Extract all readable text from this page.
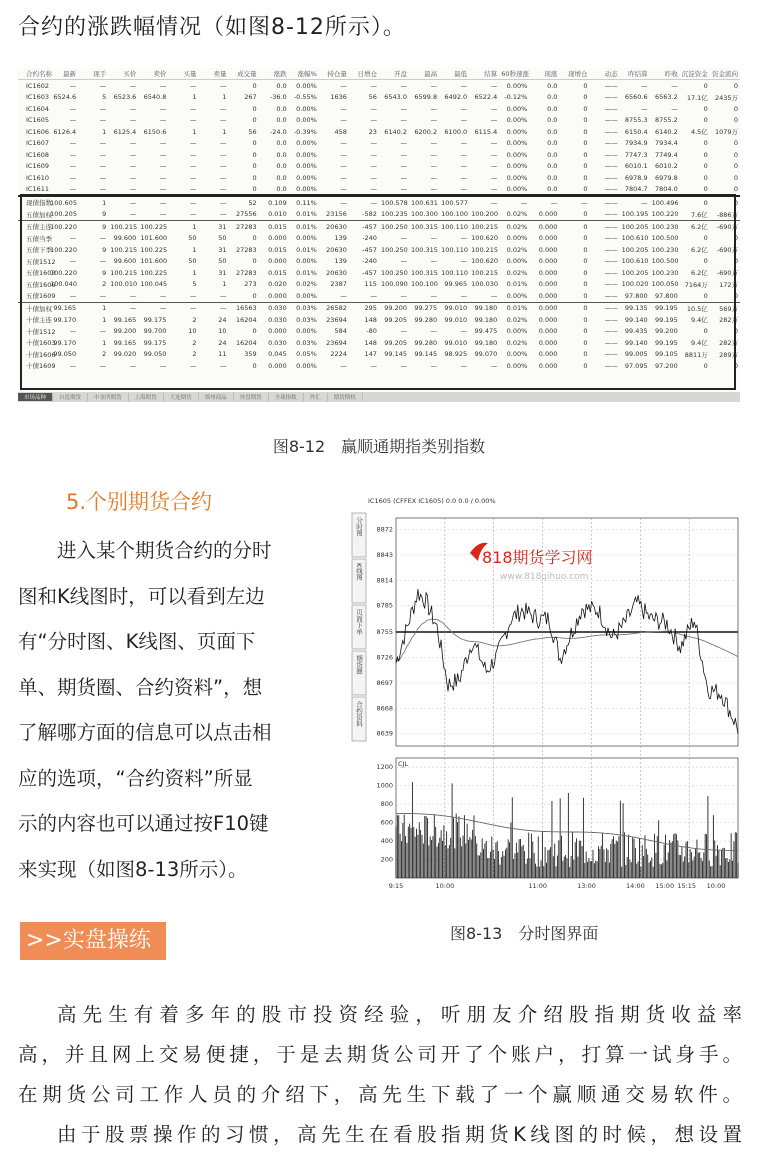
合约的涨跌幅情况（如图8-12所示）。
合约名称	最新	现手	买价	卖价	买量	卖量	成交量	涨跌	涨幅%	持仓量	日增仓	开盘	最高	最低	结算	60秒速涨	现涨	现增仓	动态	昨结算	昨收	沉淀资金	资金流向
IC1602	—	—	—	—	—	—	0	0.0	0.00%	—	—	—	—	—	—	0.00%	0.0	0	——	—	—	0	0
IC1603	6524.6	5	6523.6	6540.8	1	1	267	-36.0	-0.55%	1636	56	6543.0	6599.8	6492.0	6522.4	-0.12%	0.0	0	——	6560.6	6563.2	17.1亿	2435万
IC1604	—	—	—	—	—	—	0	0.0	0.00%	—	—	—	—	—	—	0.00%	0.0	0	——	—	—	0	0
IC1605	—	—	—	—	—	—	0	0.0	0.00%	—	—	—	—	—	—	0.00%	0.0	0	——	8755.3	8755.2	0	0
IC1606	6126.4	1	6125.4	6150.6	1	1	56	-24.0	-0.39%	458	23	6140.2	6200.2	6100.0	6115.4	0.00%	0.0	0	——	6150.4	6140.2	4.5亿	1079万
IC1607	—	—	—	—	—	—	0	0.0	0.00%	—	—	—	—	—	—	0.00%	0.0	0	——	7934.9	7934.4	0	0
IC1608	—	—	—	—	—	—	0	0.0	0.00%	—	—	—	—	—	—	0.00%	0.0	0	——	7747.3	7749.4	0	0
IC1609	—	—	—	—	—	—	0	0.0	0.00%	—	—	—	—	—	—	0.00%	0.0	0	——	6010.1	6010.2	0	0
IC1610	—	—	—	—	—	—	0	0.0	0.00%	—	—	—	—	—	—	0.00%	0.0	0	——	6978.9	6979.8	0	0
IC1611	—	—	—	—	—	—	0	0.0	0.00%	—	—	—	—	—	—	0.00%	0.0	0	——	7804.7	7804.0	0	0
现债指数	100.605	1	—	—	—	—	52	0.109	0.11%	—	—	100.578	100.631	100.577	—	—	—	—	——	—	100.496	0	0
五债加权	100.205	9	—	—	—	—	27556	0.010	0.01%	23156	-582	100.235	100.300	100.100	100.200	0.02%	0.000	0	——	100.195	100.220	7.6亿	-886万
五债主连	100.220	9	100.215	100.225	1	31	27283	0.015	0.01%	20630	-457	100.250	100.315	100.110	100.215	0.02%	0.000	0	——	100.205	100.230	6.2亿	-690万
五债当季	—	—	99.600	101.600	50	50	0	0.000	0.00%	139	-240	—	—	—	100.620	0.00%	0.000	0	——	100.610	100.500	0	0
五债下季	100.220	9	100.215	100.225	1	31	27283	0.015	0.01%	20630	-457	100.250	100.315	100.110	100.215	0.02%	0.000	0	——	100.205	100.230	6.2亿	-690万
五债1512	—	—	99.600	101.600	50	50	0	0.000	0.00%	139	-240	—	—	—	100.620	0.00%	0.000	0	——	100.610	100.500	0	0
五债1603	100.220	9	100.215	100.225	1	31	27283	0.015	0.01%	20630	-457	100.250	100.315	100.110	100.215	0.02%	0.000	0	——	100.205	100.230	6.2亿	-690万
五债1606	100.040	2	100.010	100.045	5	1	273	0.020	0.02%	2387	115	100.090	100.100	99.965	100.030	0.01%	0.000	0	——	100.020	100.050	7164万	172万
五债1609	—	—	—	—	—	—	0	0.000	0.00%	—	—	—	—	—	—	0.00%	0.000	0	——	97.800	97.800	0	0
十债加权	99.165	1	—	—	—	—	16563	0.030	0.03%	26582	295	99.200	99.275	99.010	99.180	0.01%	0.000	0	——	99.135	99.195	10.5亿	569万
十债主连	99.170	1	99.165	99.175	2	24	16204	0.030	0.03%	23694	148	99.205	99.280	99.010	99.180	0.02%	0.000	0	——	99.140	99.195	9.4亿	282万
十债1512	—	—	99.200	99.700	10	10	0	0.000	0.00%	584	-80	—	—	—	99.475	0.00%	0.000	0	——	99.435	99.200	0	0
十债1603	99.170	1	99.165	99.175	2	24	16204	0.030	0.03%	23694	148	99.205	99.280	99.010	99.180	0.02%	0.000	0	——	99.140	99.195	9.4亿	282万
十债1606	99.050	2	99.020	99.050	2	11	359	0.045	0.05%	2224	147	99.145	99.145	98.925	99.070	0.00%	0.000	0	——	99.005	99.105	8811万	289万
十债1609	—	—	—	—	—	—	0	0.000	0.00%	—	—	—	—	—	—	0.00%	0.000	0	——	97.095	97.200	0	0
市场品种	自选期货	中金所期货	上海期货	大连期货	郑州商品	外盘期货	全球指数	外汇	期货期权
图8-12　赢顺通期指类别指数
5.个别期货合约

进入某个期货合约的分时

图和K线图时，可以看到左边

有“分时图、K线图、页面下

单、期货圈、合约资料”，想

了解哪方面的信息可以点击相

应的选项，“合约资料”所显

示的内容也可以通过按F10键

来实现（如图8-13所示）。

IC1605 (CFFEX IC1605) 0.0 0.0 / 0.00%
分时图
K线图
页面下单
期货圈
合约资料
8872
8843
8814
8785
8755
8726
8697
8668
8639
CJL
1200
1000
800
600
400
200
9:15	10:00	11:00	13:00	14:00 15:00 15:15 10:00
818期货学习网
www.818qihuo.com
图8-13　分时图界面
>>实盘操练

高先生有着多年的股市投资经验，听朋友介绍股指期货收益率

高，并且网上交易便捷，于是去期货公司开了个账户，打算一试身手。

在期货公司工作人员的介绍下，高先生下载了一个赢顺通交易软件。

由于股票操作的习惯，高先生在看股指期货K线图的时候，想设置
